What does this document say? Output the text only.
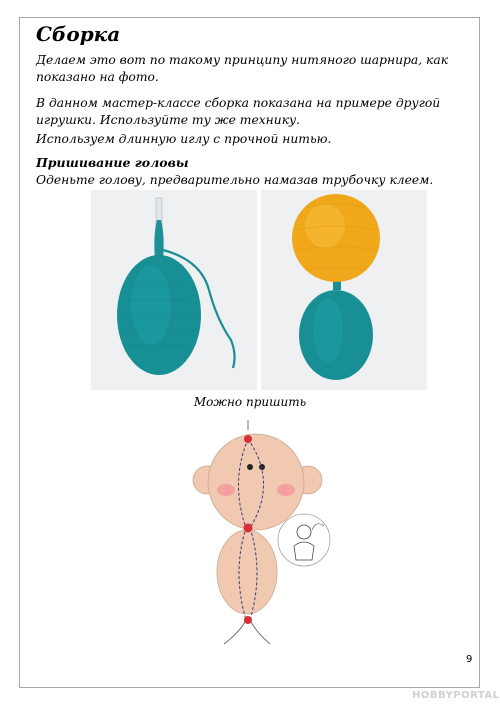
Сборка
Делаем это вот по такому принципу нитяного шарнира, как показано на фото.
В данном мастер-классе сборка показана на примере другой игрушки. Используйте ту же технику.
Используем длинную иглу с прочной нитью.
Пришивание головы
Оденьте голову, предварительно намазав трубочку клеем.
Можно пришить
9
HOBBYPORTAL
